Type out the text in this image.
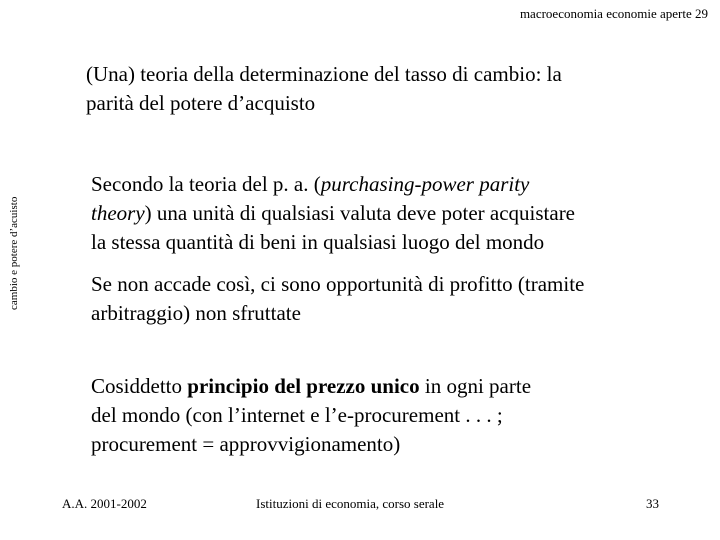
macroeconomia economie aperte 29
cambio e potere d’acuisto
(Una) teoria della determinazione del tasso di cambio: la
parità del potere d’acquisto
Secondo la teoria del p. a. (purchasing-power parity
theory) una unità di qualsiasi valuta deve poter acquistare
la stessa quantità di beni in qualsiasi luogo del mondo
Se non accade così, ci sono opportunità di profitto (tramite
arbitraggio) non sfruttate
Cosiddetto principio del prezzo unico in ogni parte
del mondo (con l’internet e l’e-procurement . . . ;
procurement = approvvigionamento)
A.A. 2001-2002	Istituzioni di economia, corso serale	33
